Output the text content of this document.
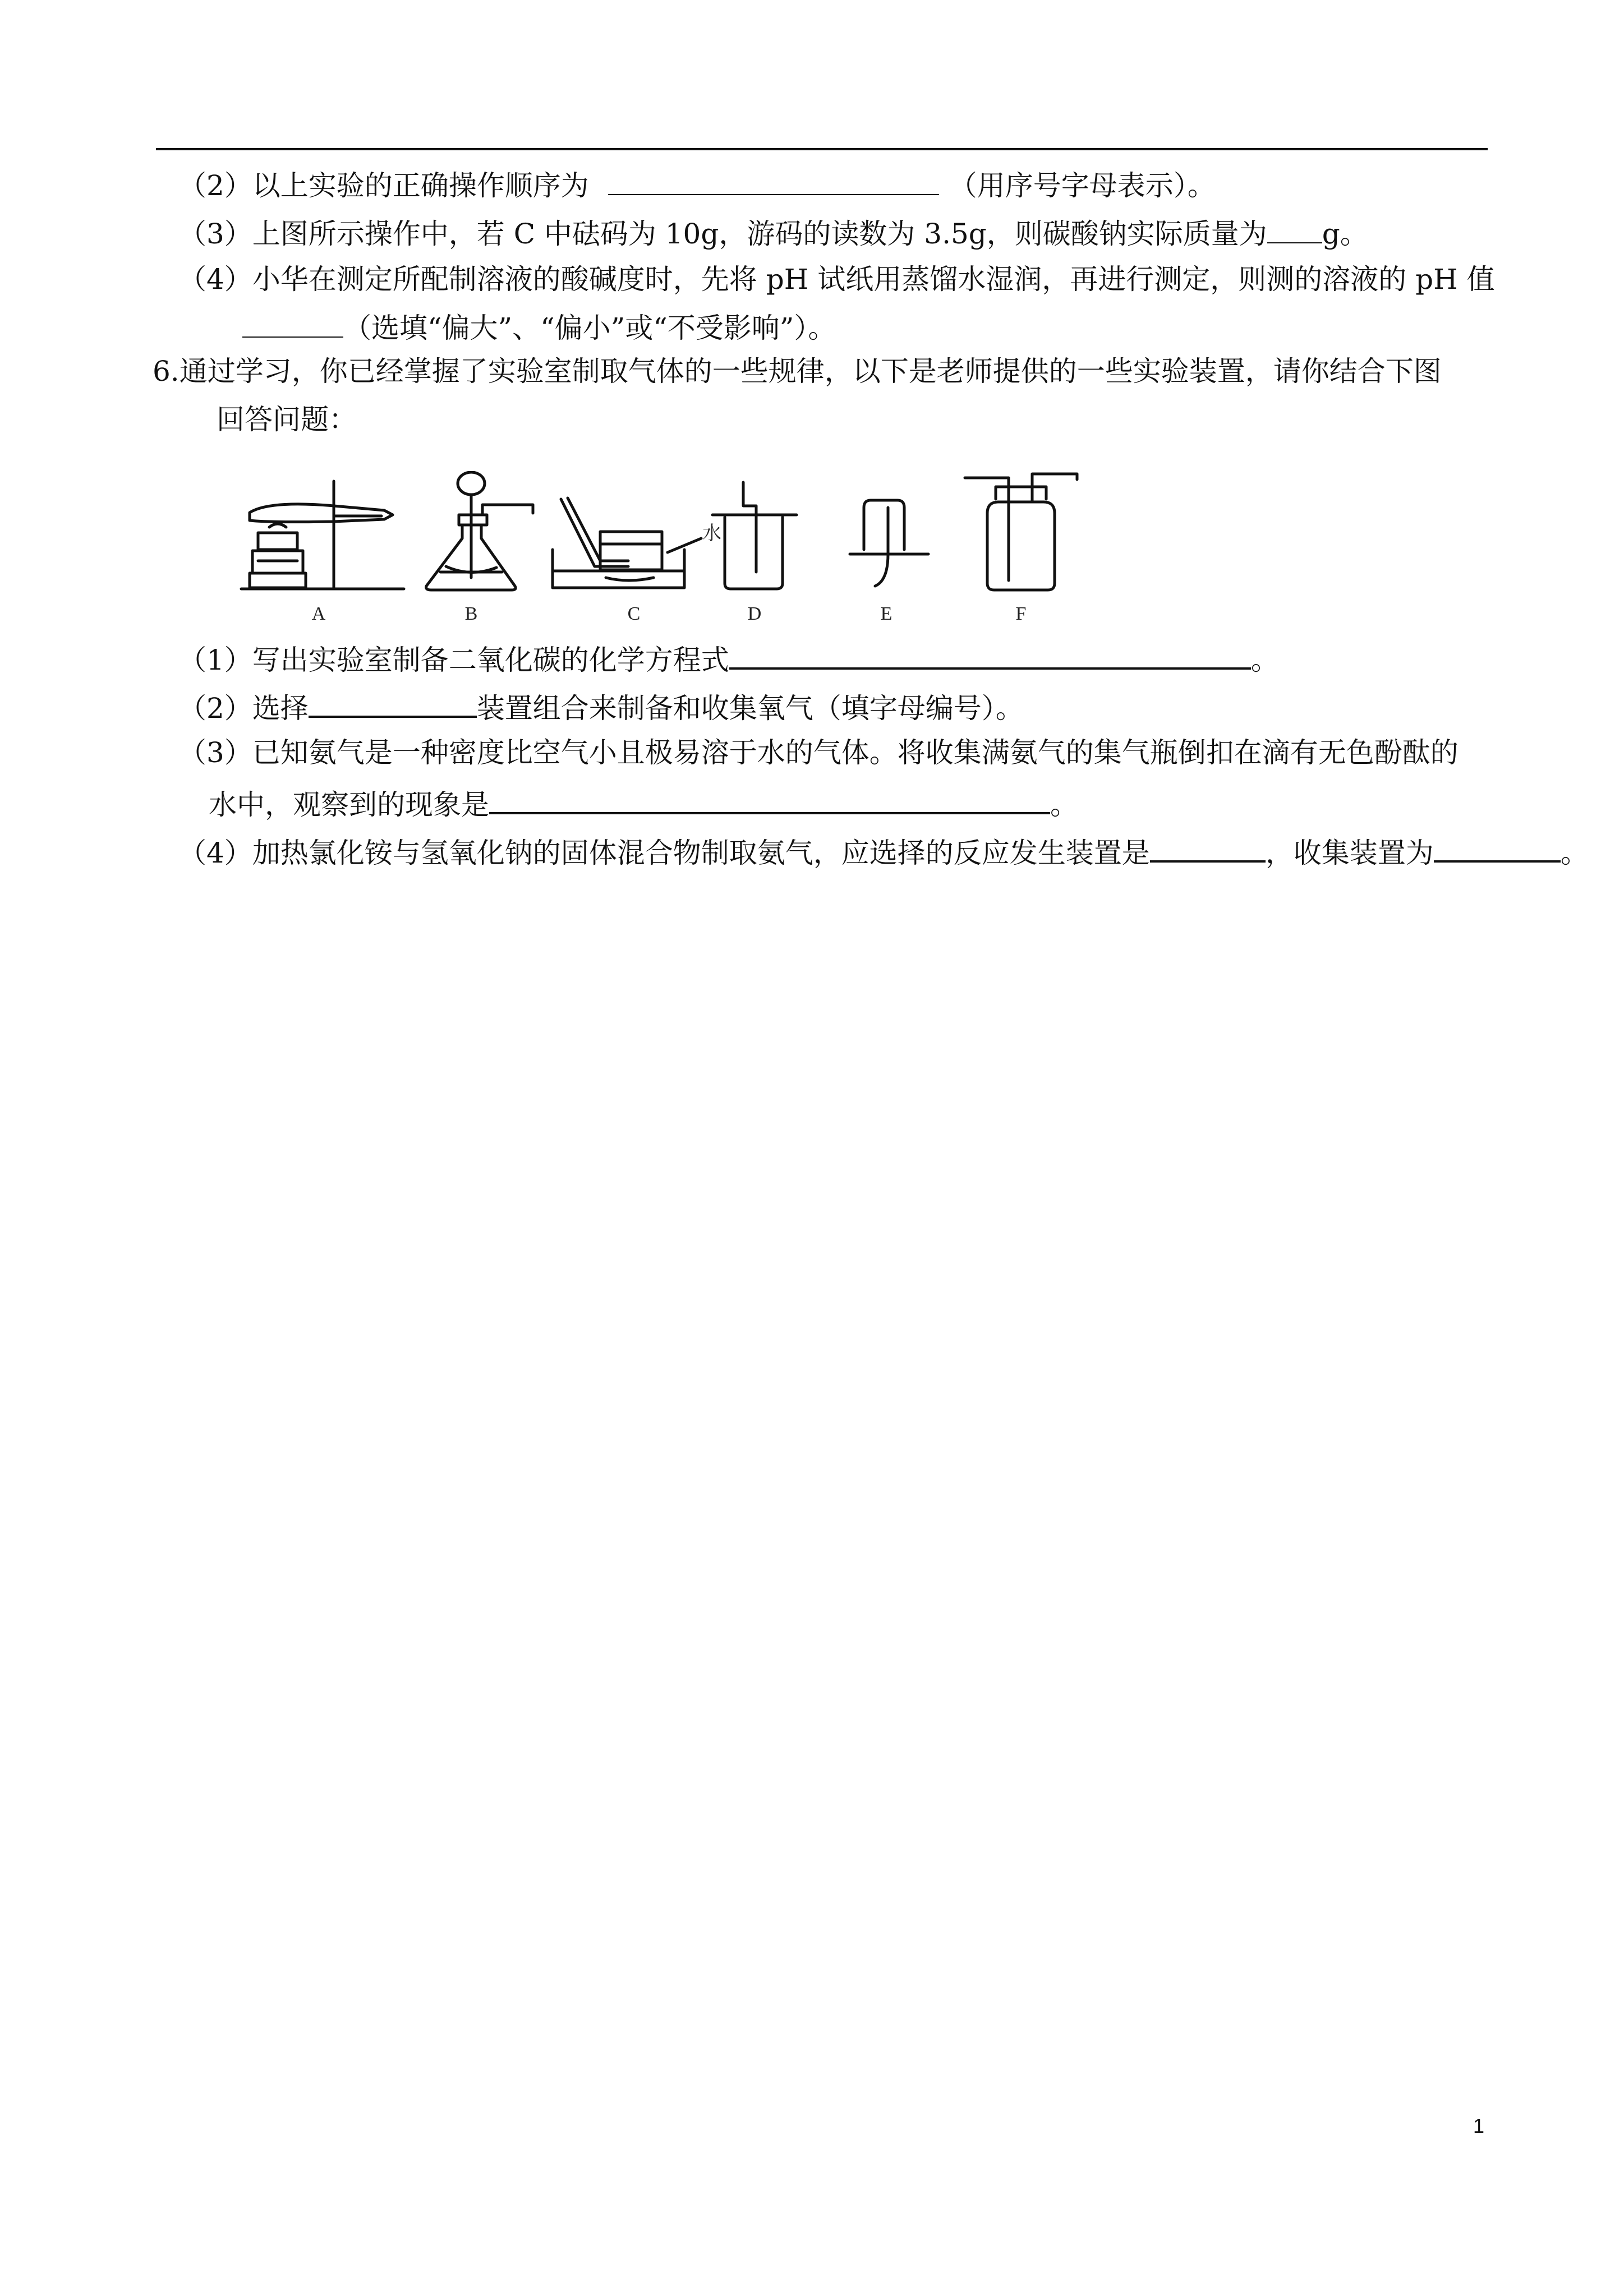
（2）以上实验的正确操作顺序为	（用序号字母表示）。
（3）上图所示操作中，若 C 中砝码为 10g，游码的读数为 3.5g，则碳酸钠实际质量为 g。
（4）小华在测定所配制溶液的酸碱度时，先将 pH 试纸用蒸馏水湿润，再进行测定，则测的溶液的 pH 值
（选填“偏大”、“偏小”或“不受影响”）。
6.通过学习，你已经掌握了实验室制取气体的一些规律，以下是老师提供的一些实验装置，请你结合下图
回答问题：
A	B	C	D	E	F
水
（1）写出实验室制备二氧化碳的化学方程式	。
（2）选择	装置组合来制备和收集氧气（填字母编号）。
（3）已知氨气是一种密度比空气小且极易溶于水的气体。将收集满氨气的集气瓶倒扣在滴有无色酚酞的
水中，观察到的现象是	。
（4）加热氯化铵与氢氧化钠的固体混合物制取氨气，应选择的反应发生装置是	，收集装置为	。
1
